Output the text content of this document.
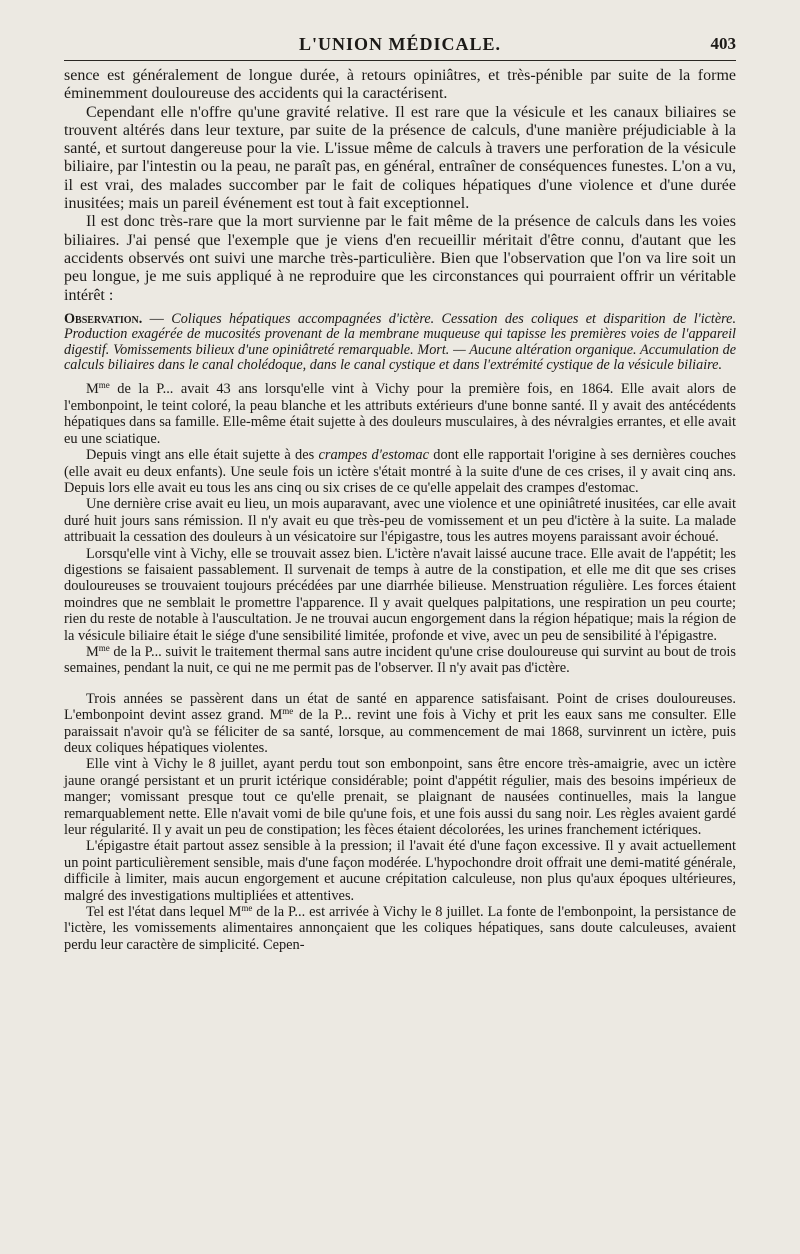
L'UNION MÉDICALE.	403

sence est généralement de longue durée, à retours opiniâtres, et très-pénible par suite de la forme éminemment douloureuse des accidents qui la caractérisent.

Cependant elle n'offre qu'une gravité relative. Il est rare que la vésicule et les canaux biliaires se trouvent altérés dans leur texture, par suite de la présence de calculs, d'une manière préjudiciable à la santé, et surtout dangereuse pour la vie. L'issue même de calculs à travers une perforation de la vésicule biliaire, par l'intestin ou la peau, ne paraît pas, en général, entraîner de conséquences funestes. L'on a vu, il est vrai, des malades succomber par le fait de coliques hépatiques d'une violence et d'une durée inusitées; mais un pareil événement est tout à fait exceptionnel.

Il est donc très-rare que la mort survienne par le fait même de la présence de calculs dans les voies biliaires. J'ai pensé que l'exemple que je viens d'en recueillir méritait d'être connu, d'autant que les accidents observés ont suivi une marche très-particulière. Bien que l'observation que l'on va lire soit un peu longue, je me suis appliqué à ne reproduire que les circonstances qui pourraient offrir un véritable intérêt :

Observation. — Coliques hépatiques accompagnées d'ictère. Cessation des coliques et disparition de l'ictère. Production exagérée de mucosités provenant de la membrane muqueuse qui tapisse les premières voies de l'appareil digestif. Vomissements bilieux d'une opiniâtreté remarquable. Mort. — Aucune altération organique. Accumulation de calculs biliaires dans le canal cholédoque, dans le canal cystique et dans l'extrémité cystique de la vésicule biliaire.

$M^{me}$ de la P... avait 43 ans lorsqu'elle vint à Vichy pour la première fois, en 1864. Elle avait alors de l'embonpoint, le teint coloré, la peau blanche et les attributs extérieurs d'une bonne santé. Il y avait des antécédents hépatiques dans sa famille. Elle-même était sujette à des douleurs musculaires, à des névralgies errantes, et elle avait eu une sciatique.

Depuis vingt ans elle était sujette à des crampes d'estomac dont elle rapportait l'origine à ses dernières couches (elle avait eu deux enfants). Une seule fois un ictère s'était montré à la suite d'une de ces crises, il y avait cinq ans. Depuis lors elle avait eu tous les ans cinq ou six crises de ce qu'elle appelait des crampes d'estomac.

Une dernière crise avait eu lieu, un mois auparavant, avec une violence et une opiniâtreté inusitées, car elle avait duré huit jours sans rémission. Il n'y avait eu que très-peu de vomissement et un peu d'ictère à la suite. La malade attribuait la cessation des douleurs à un vésicatoire sur l'épigastre, tous les autres moyens paraissant avoir échoué.

Lorsqu'elle vint à Vichy, elle se trouvait assez bien. L'ictère n'avait laissé aucune trace. Elle avait de l'appétit; les digestions se faisaient passablement. Il survenait de temps à autre de la constipation, et elle me dit que ses crises douloureuses se trouvaient toujours précédées par une diarrhée bilieuse. Menstruation régulière. Les forces étaient moindres que ne semblait le promettre l'apparence. Il y avait quelques palpitations, une respiration un peu courte; rien du reste de notable à l'auscultation. Je ne trouvai aucun engorgement dans la région hépatique; mais la région de la vésicule biliaire était le siége d'une sensibilité limitée, profonde et vive, avec un peu de sensibilité à l'épigastre.

$M^{me}$ de la P... suivit le traitement thermal sans autre incident qu'une crise douloureuse qui survint au bout de trois semaines, pendant la nuit, ce qui ne me permit pas de l'observer. Il n'y avait pas d'ictère.

Trois années se passèrent dans un état de santé en apparence satisfaisant. Point de crises douloureuses. L'embonpoint devint assez grand. $M^{me}$ de la P... revint une fois à Vichy et prit les eaux sans me consulter. Elle paraissait n'avoir qu'à se féliciter de sa santé, lorsque, au commencement de mai 1868, survinrent un ictère, puis deux coliques hépatiques violentes.

Elle vint à Vichy le 8 juillet, ayant perdu tout son embonpoint, sans être encore très-amaigrie, avec un ictère jaune orangé persistant et un prurit ictérique considérable; point d'appétit régulier, mais des besoins impérieux de manger; vomissant presque tout ce qu'elle prenait, se plaignant de nausées continuelles, mais la langue remarquablement nette. Elle n'avait vomi de bile qu'une fois, et une fois aussi du sang noir. Les règles avaient gardé leur régularité. Il y avait un peu de constipation; les fèces étaient décolorées, les urines franchement ictériques.

L'épigastre était partout assez sensible à la pression; il l'avait été d'une façon excessive. Il y avait actuellement un point particulièrement sensible, mais d'une façon modérée. L'hypochondre droit offrait une demi-matité générale, difficile à limiter, mais aucun engorgement et aucune crépitation calculeuse, non plus qu'aux époques ultérieures, malgré des investigations multipliées et attentives.

Tel est l'état dans lequel $M^{me}$ de la P... est arrivée à Vichy le 8 juillet. La fonte de l'embonpoint, la persistance de l'ictère, les vomissements alimentaires annonçaient que les coliques hépatiques, sans doute calculeuses, avaient perdu leur caractère de simplicité. Cepen-
